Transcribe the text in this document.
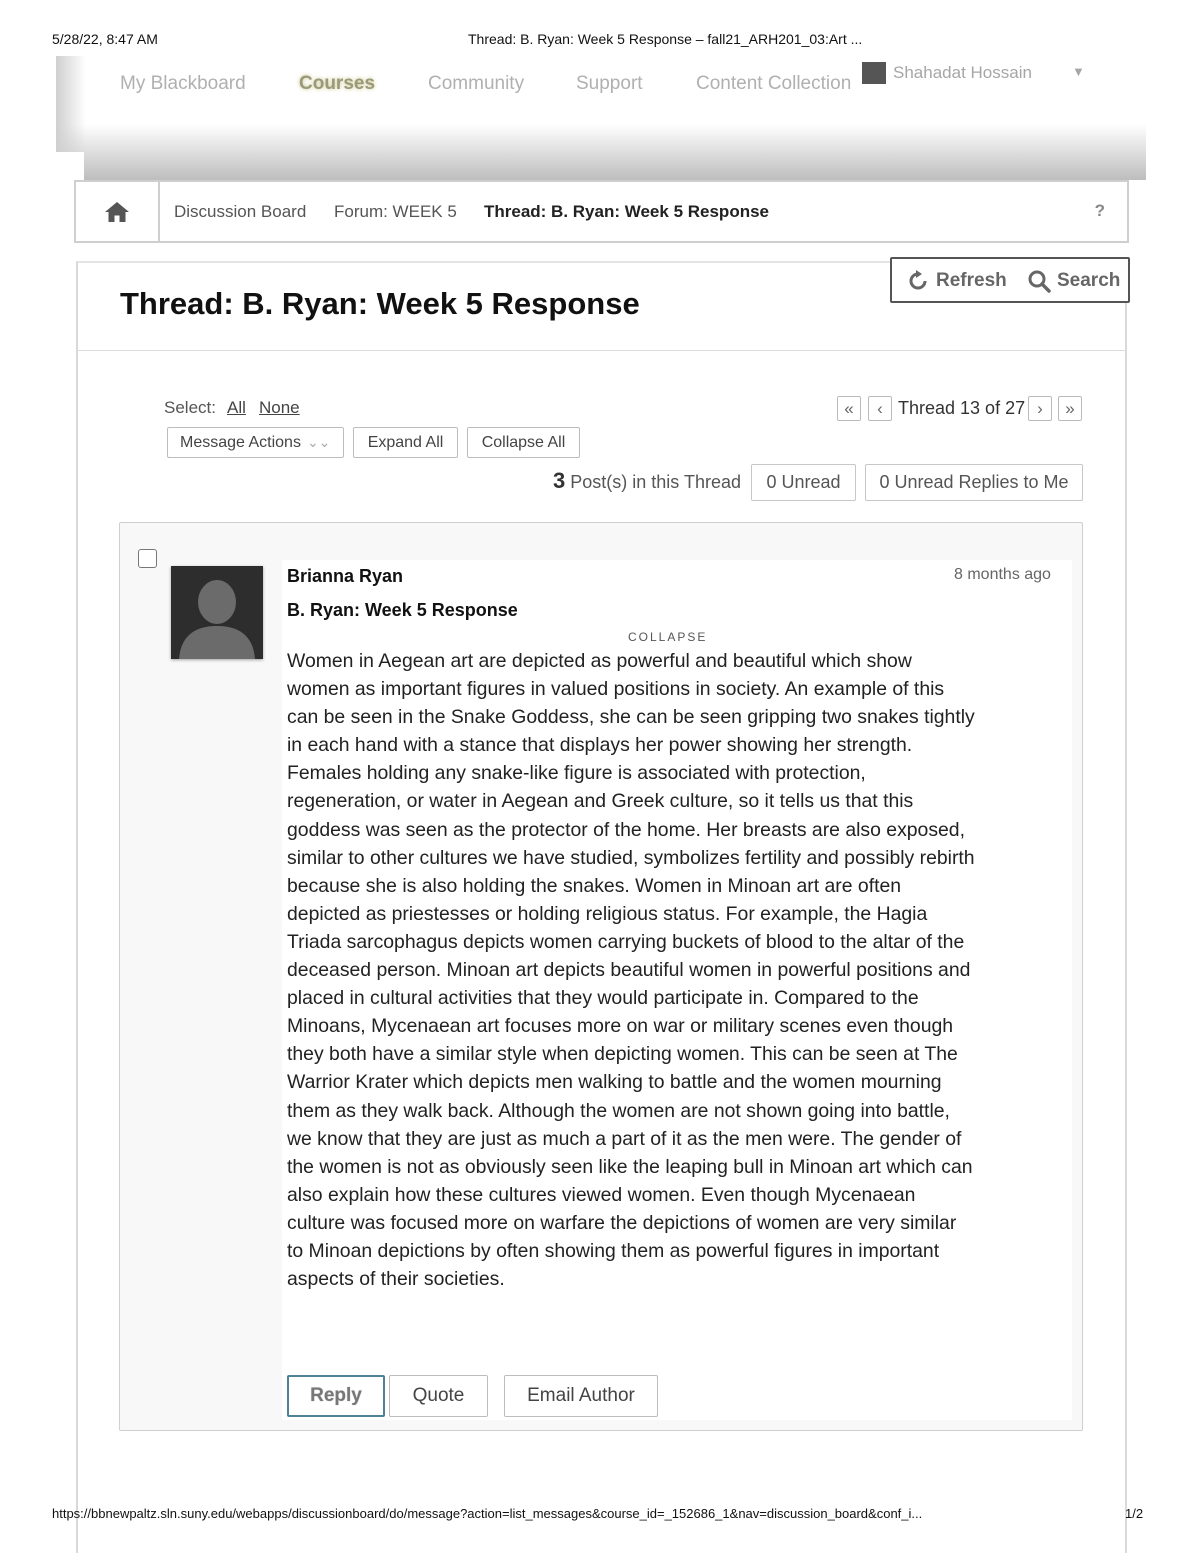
5/28/22, 8:47 AM	Thread: B. Ryan: Week 5 Response – fall21_ARH201_03:Art ...
My Blackboard	Courses	Community	Support	Content Collection
Shahadat Hossain	▼
Discussion Board Forum: WEEK 5 Thread: B. Ryan: Week 5 Response	?
Thread: B. Ryan: Week 5 Response
Refresh	Search
Select: All None	«	‹ Thread 13 of 27 ›	»
Message Actions ⌄⌄	Expand All	Collapse All
3 Post(s) in this Thread	0 Unread	0 Unread Replies to Me
Brianna Ryan	8 months ago
B. Ryan: Week 5 Response
COLLAPSE
Women in Aegean art are depicted as powerful and beautiful which show
women as important figures in valued positions in society. An example of this
can be seen in the Snake Goddess, she can be seen gripping two snakes tightly
in each hand with a stance that displays her power showing her strength.
Females holding any snake-like figure is associated with protection,
regeneration, or water in Aegean and Greek culture, so it tells us that this
goddess was seen as the protector of the home. Her breasts are also exposed,
similar to other cultures we have studied, symbolizes fertility and possibly rebirth
because she is also holding the snakes. Women in Minoan art are often
depicted as priestesses or holding religious status. For example, the Hagia
Triada sarcophagus depicts women carrying buckets of blood to the altar of the
deceased person. Minoan art depicts beautiful women in powerful positions and
placed in cultural activities that they would participate in. Compared to the
Minoans, Mycenaean art focuses more on war or military scenes even though
they both have a similar style when depicting women. This can be seen at The
Warrior Krater which depicts men walking to battle and the women mourning
them as they walk back. Although the women are not shown going into battle,
we know that they are just as much a part of it as the men were. The gender of
the women is not as obviously seen like the leaping bull in Minoan art which can
also explain how these cultures viewed women. Even though Mycenaean
culture was focused more on warfare the depictions of women are very similar
to Minoan depictions by often showing them as powerful figures in important
aspects of their societies.
Reply	Quote	Email Author
https://bbnewpaltz.sln.suny.edu/webapps/discussionboard/do/message?action=list_messages&course_id=_152686_1&nav=discussion_board&conf_i...	1/2
